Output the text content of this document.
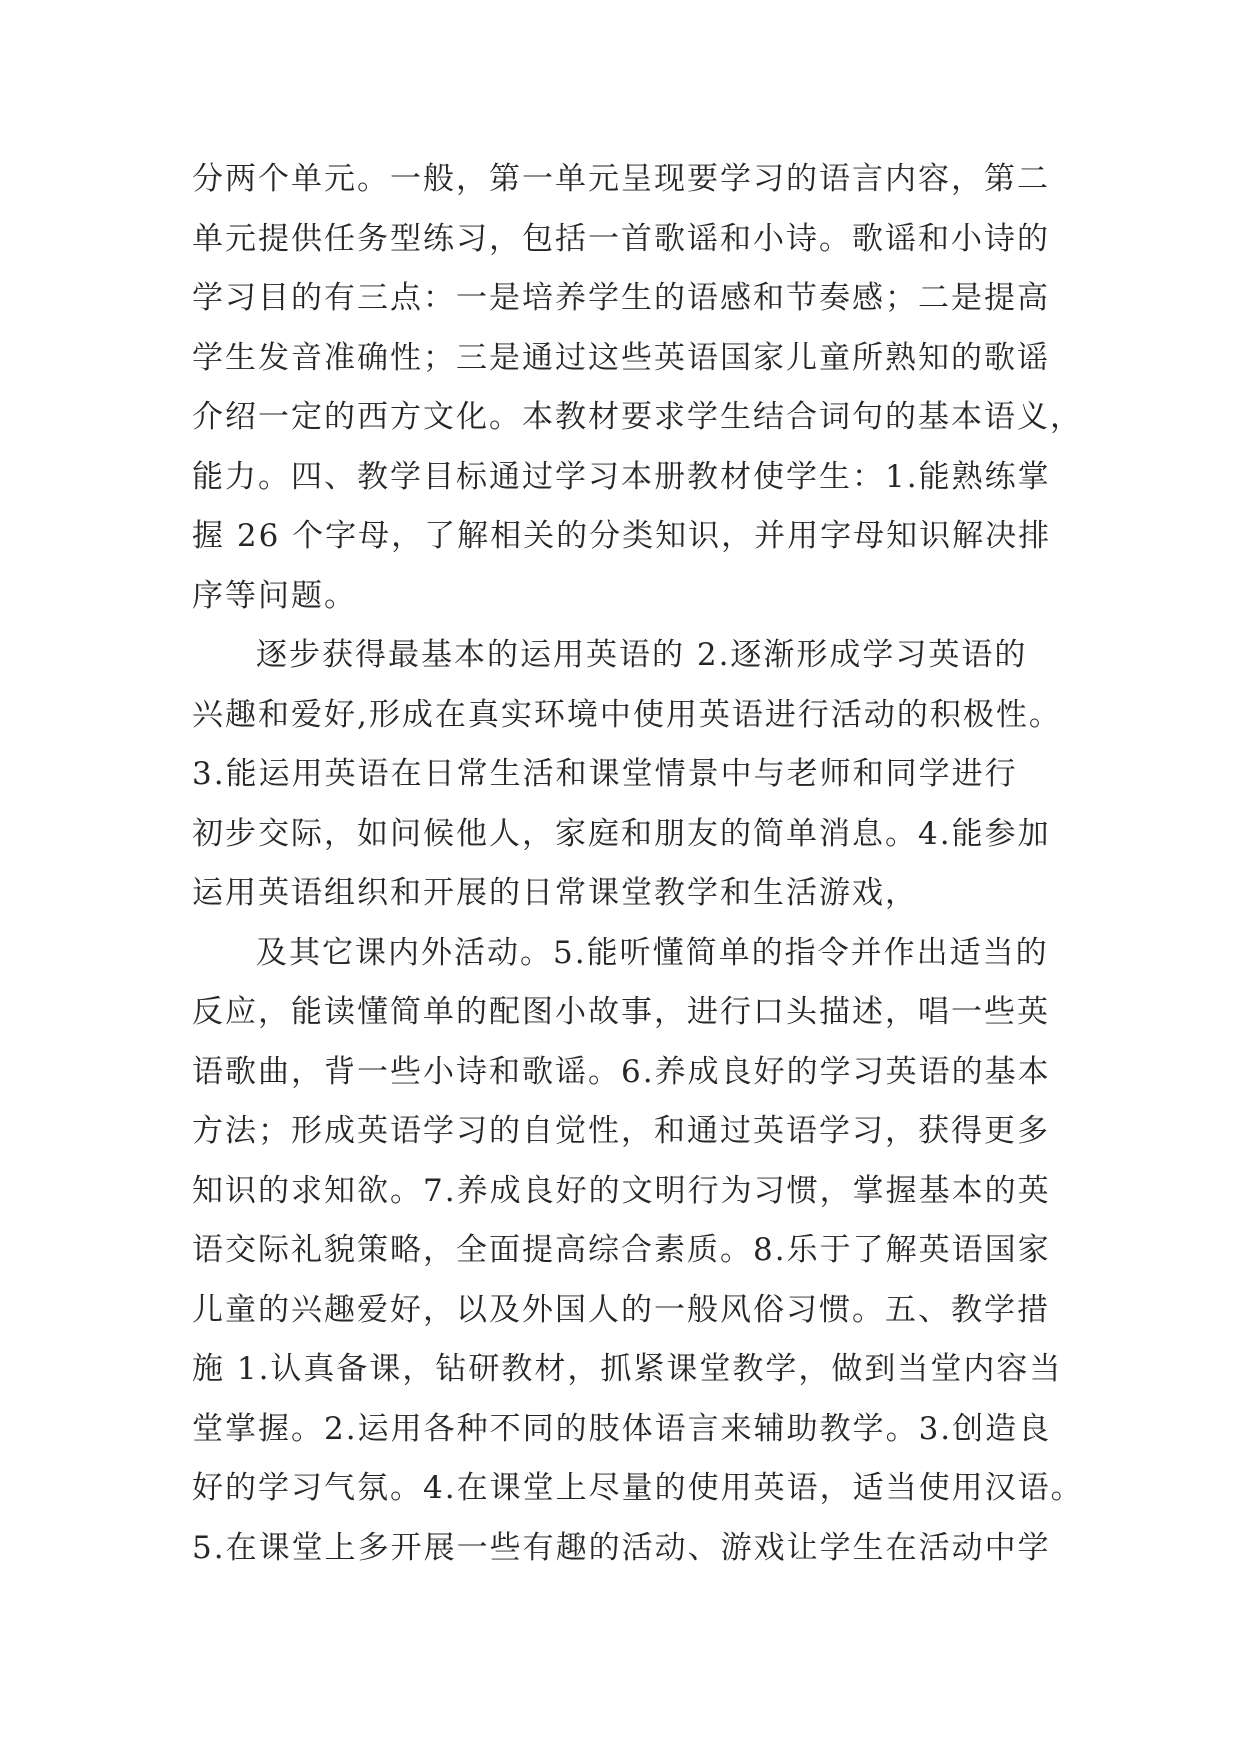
分两个单元。一般，第一单元呈现要学习的语言内容，第二
单元提供任务型练习，包括一首歌谣和小诗。歌谣和小诗的
学习目的有三点：一是培养学生的语感和节奏感；二是提高
学生发音准确性；三是通过这些英语国家儿童所熟知的歌谣
介绍一定的西方文化。本教材要求学生结合词句的基本语义，
能力。四、教学目标通过学习本册教材使学生：1.能熟练掌
握 26 个字母，了解相关的分类知识，并用字母知识解决排
序等问题。
逐步获得最基本的运用英语的 2.逐渐形成学习英语的
兴趣和爱好,形成在真实环境中使用英语进行活动的积极性。
3.能运用英语在日常生活和课堂情景中与老师和同学进行
初步交际，如问候他人，家庭和朋友的简单消息。4.能参加
运用英语组织和开展的日常课堂教学和生活游戏，
及其它课内外活动。5.能听懂简单的指令并作出适当的
反应，能读懂简单的配图小故事，进行口头描述，唱一些英
语歌曲，背一些小诗和歌谣。6.养成良好的学习英语的基本
方法；形成英语学习的自觉性，和通过英语学习，获得更多
知识的求知欲。7.养成良好的文明行为习惯，掌握基本的英
语交际礼貌策略，全面提高综合素质。8.乐于了解英语国家
儿童的兴趣爱好，以及外国人的一般风俗习惯。五、教学措
施 1.认真备课，钻研教材，抓紧课堂教学，做到当堂内容当
堂掌握。2.运用各种不同的肢体语言来辅助教学。3.创造良
好的学习气氛。4.在课堂上尽量的使用英语，适当使用汉语。
5.在课堂上多开展一些有趣的活动、游戏让学生在活动中学
